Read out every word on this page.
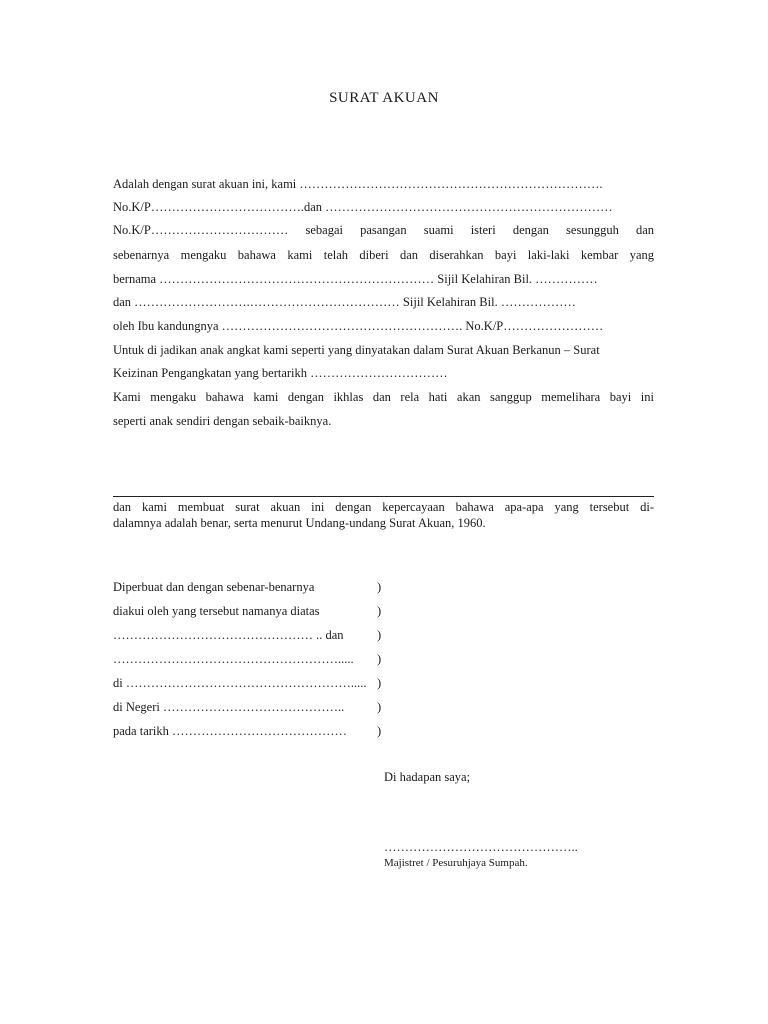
SURAT AKUAN
Adalah dengan surat akuan ini, kami ……………………………………………………………….
No.K/P……………………………….dan ……………………………………………………………
No.K/P…………………………… sebagai pasangan suami isteri dengan sesungguh dan
sebenarnya mengaku bahawa kami telah diberi dan diserahkan bayi laki-laki kembar yang
bernama ………………………………………………………… Sijil Kelahiran Bil. ……………
dan ……………………….……………………………… Sijil Kelahiran Bil. ………………
oleh Ibu kandungnya …………………………………………………. No.K/P……………………
Untuk di jadikan anak angkat kami seperti yang dinyatakan dalam Surat Akuan Berkanun – Surat
Keizinan Pengangkatan yang bertarikh ……………………………
Kami mengaku bahawa kami dengan ikhlas dan rela hati akan sanggup memelihara bayi ini
seperti anak sendiri dengan sebaik-baiknya.
dan kami membuat surat akuan ini dengan kepercayaan bahawa apa-apa yang tersebut di-
dalamnya adalah benar, serta menurut Undang-undang Surat Akuan, 1960.
Diperbuat dan dengan sebenar-benarnya	)
diakui oleh yang tersebut namanya diatas	)
………………………………………… .. dan	)
………………………………………………..... )
di ………………………………………………..... )
di Negeri ……………………………………..	)
pada tarikh …………………………………… )
Di hadapan saya;
………………………………………..
Majistret / Pesuruhjaya Sumpah.
